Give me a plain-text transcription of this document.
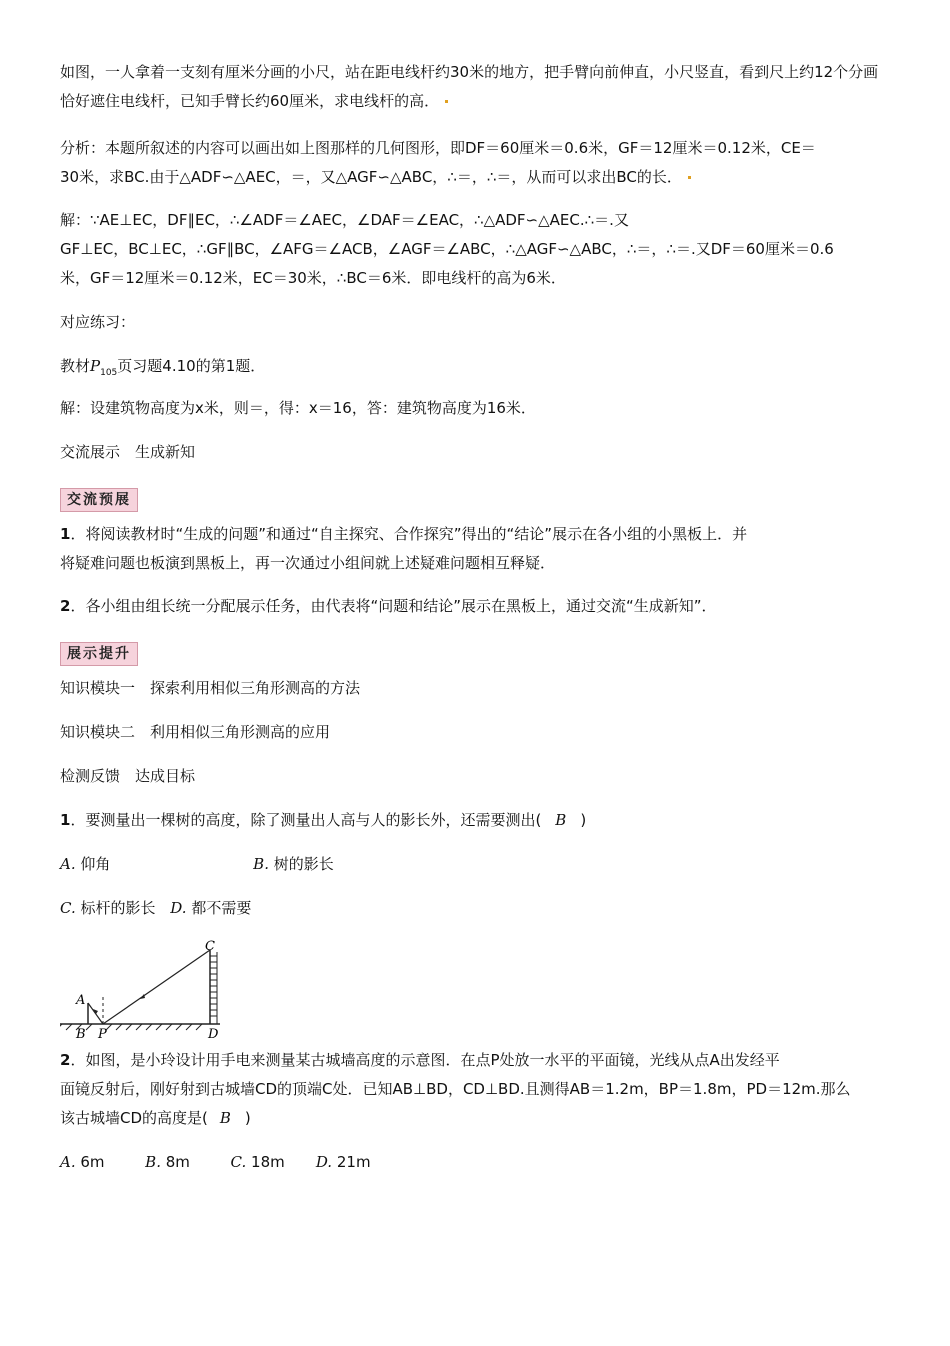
如图，一人拿着一支刻有厘米分画的小尺，站在距电线杆约30米的地方，把手臂向前伸直，小尺竖直，看到尺上约12个分画恰好遮住电线杆，已知手臂长约60厘米，求电线杆的高．

分析：本题所叙述的内容可以画出如上图那样的几何图形，即DF＝60厘米＝0.6米，GF＝12厘米＝0.12米，CE＝

30米，求BC.由于△ADF∽△AEC，＝，又△AGF∽△ABC，∴＝，∴＝，从而可以求出BC的长．

解：∵AE⊥EC，DF∥EC，∴∠ADF＝∠AEC，∠DAF＝∠EAC，∴△ADF∽△AEC.∴＝.又

GF⊥EC，BC⊥EC，∴GF∥BC，∠AFG＝∠ACB，∠AGF＝∠ABC，∴△AGF∽△ABC，∴＝，∴＝.又DF＝60厘米＝0.6

米，GF＝12厘米＝0.12米，EC＝30米，∴BC＝6米．即电线杆的高为6米．

对应练习：

教材$P_{105}$页习题4.10的第1题．

解：设建筑物高度为x米，则＝，得：x＝16，答：建筑物高度为16米．

交流展示　生成新知

交流预展

1．将阅读教材时“生成的问题”和通过“自主探究、合作探究”得出的“结论”展示在各小组的小黑板上．并

将疑难问题也板演到黑板上，再一次通过小组间就上述疑难问题相互释疑．

2．各小组由组长统一分配展示任务，由代表将“问题和结论”展示在黑板上，通过交流“生成新知”．

展示提升

知识模块一　探索利用相似三角形测高的方法

知识模块二　利用相似三角形测高的应用

检测反馈　达成目标

1．要测量出一棵树的高度，除了测量出人高与人的影长外，还需要测出( B )

A. 仰角	B. 树的影长

C. 标杆的影长 D. 都不需要

A
B P
C
D

2．如图，是小玲设计用手电来测量某古城墙高度的示意图．在点P处放一水平的平面镜，光线从点A出发经平

面镜反射后，刚好射到古城墙CD的顶端C处．已知AB⊥BD，CD⊥BD.且测得AB＝1.2m，BP＝1.8m，PD＝12m.那么

该古城墙CD的高度是( B )

A. 6m	B. 8m	C. 18m D. 21m
